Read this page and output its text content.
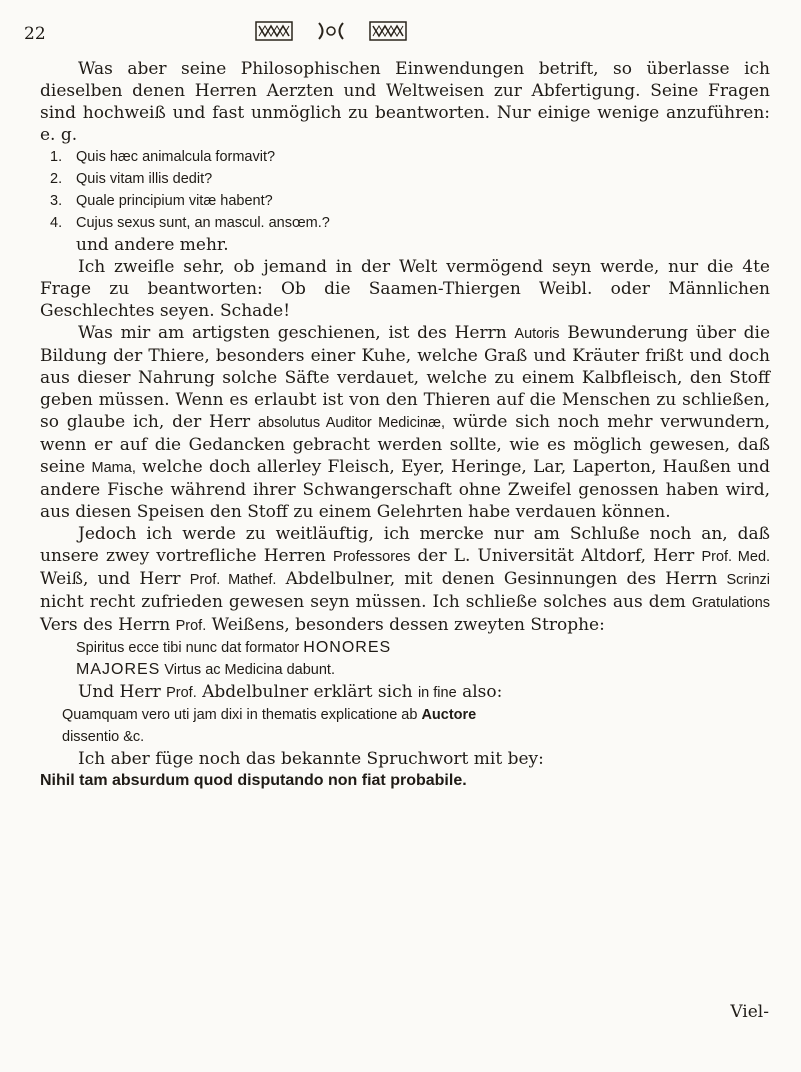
22

Was aber seine Philosophischen Einwendungen betrift, so überlasse ich dieselben denen Herren Aerzten und Weltweisen zur Abfertigung. Seine Fragen sind hochweiß und fast unmöglich zu beantworten. Nur einige wenige anzuführen: e. g.

1. Quis hæc animalcula formavit?
2. Quis vitam illis dedit?
3. Quale principium vitæ habent?
4. Cujus sexus sunt, an mascul. ansœm.?

und andere mehr.

Ich zweifle sehr, ob jemand in der Welt vermögend seyn werde, nur die 4te Frage zu beantworten: Ob die Saamen-Thiergen Weibl. oder Männlichen Geschlechtes seyen. Schade!

Was mir am artigsten geschienen, ist des Herrn Autoris Bewunderung über die Bildung der Thiere, besonders einer Kuhe, welche Graß und Kräuter frißt und doch aus dieser Nahrung solche Säfte verdauet, welche zu einem Kalbfleisch, den Stoff geben müssen. Wenn es erlaubt ist von den Thieren auf die Menschen zu schließen, so glaube ich, der Herr absolutus Auditor Medicinæ, würde sich noch mehr verwundern, wenn er auf die Gedancken gebracht werden sollte, wie es möglich gewesen, daß seine Mama, welche doch allerley Fleisch, Eyer, Heringe, Lar, Laperton, Haußen und andere Fische während ihrer Schwangerschaft ohne Zweifel genossen haben wird, aus diesen Speisen den Stoff zu einem Gelehrten habe verdauen können.

Jedoch ich werde zu weitläuftig, ich mercke nur am Schluße noch an, daß unsere zwey vortrefliche Herren Professores der L. Universität Altdorf, Herr Prof. Med. Weiß, und Herr Prof. Mathef. Abdelbulner, mit denen Gesinnungen des Herrn Scrinzi nicht recht zufrieden gewesen seyn müssen. Ich schließe solches aus dem Gratulations Vers des Herrn Prof. Weißens, besonders dessen zweyten Strophe:

Spiritus ecce tibi nunc dat formator HONORES
MAJORES Virtus ac Medicina dabunt.

Und Herr Prof. Abdelbulner erklärt sich in fine also:

Quamquam vero uti jam dixi in thematis explicatione ab Auctore
dissentio &c.

Ich aber füge noch das bekannte Spruchwort mit bey:

Nihil tam absurdum quod disputando non fiat probabile.

Viel-
